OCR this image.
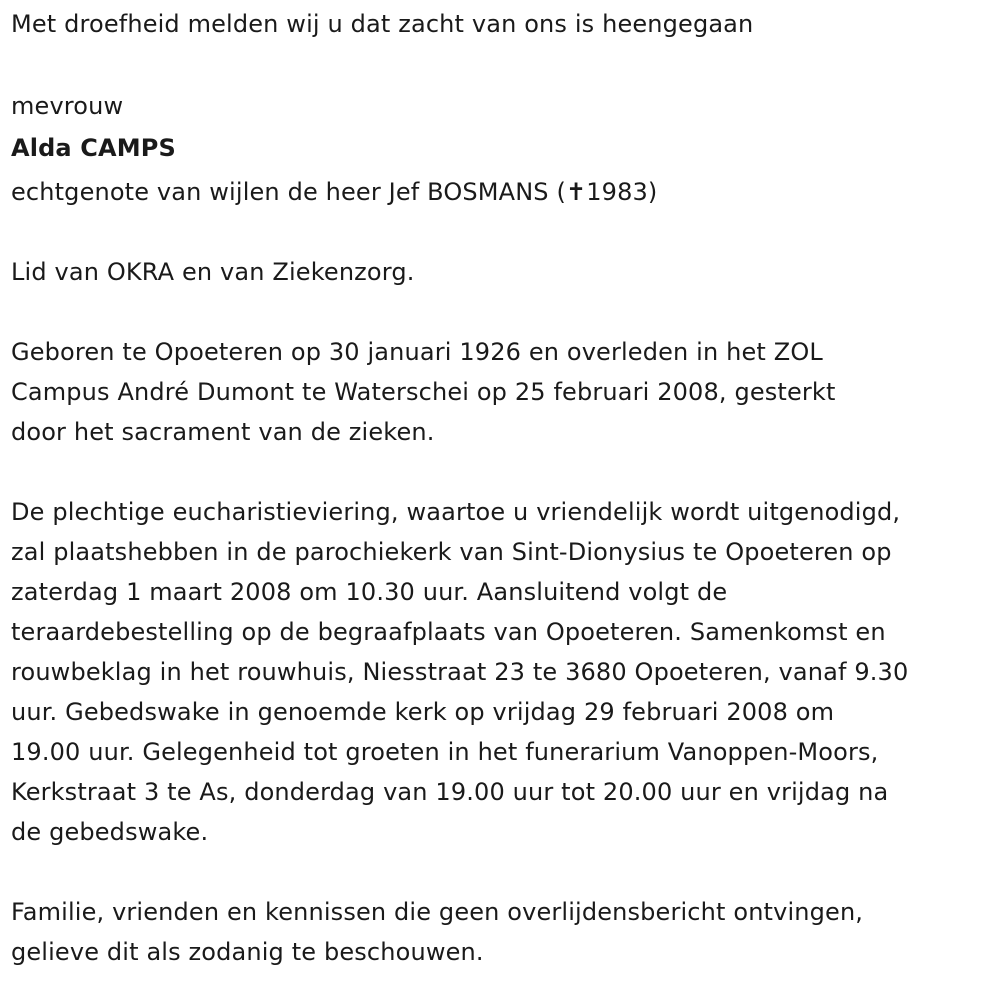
Met droefheid melden wij u dat zacht van ons is heengegaan

mevrouw

Alda CAMPS

echtgenote van wijlen de heer Jef BOSMANS (✝1983)

Lid van OKRA en van Ziekenzorg.

Geboren te Opoeteren op 30 januari 1926 en overleden in het ZOL

Campus André Dumont te Waterschei op 25 februari 2008, gesterkt

door het sacrament van de zieken.

De plechtige eucharistieviering, waartoe u vriendelijk wordt uitgenodigd,

zal plaatshebben in de parochiekerk van Sint-Dionysius te Opoeteren op

zaterdag 1 maart 2008 om 10.30 uur. Aansluitend volgt de

teraardebestelling op de begraafplaats van Opoeteren. Samenkomst en

rouwbeklag in het rouwhuis, Niesstraat 23 te 3680 Opoeteren, vanaf 9.30

uur. Gebedswake in genoemde kerk op vrijdag 29 februari 2008 om

19.00 uur. Gelegenheid tot groeten in het funerarium Vanoppen-Moors,

Kerkstraat 3 te As, donderdag van 19.00 uur tot 20.00 uur en vrijdag na

de gebedswake.

Familie, vrienden en kennissen die geen overlijdensbericht ontvingen,

gelieve dit als zodanig te beschouwen.
